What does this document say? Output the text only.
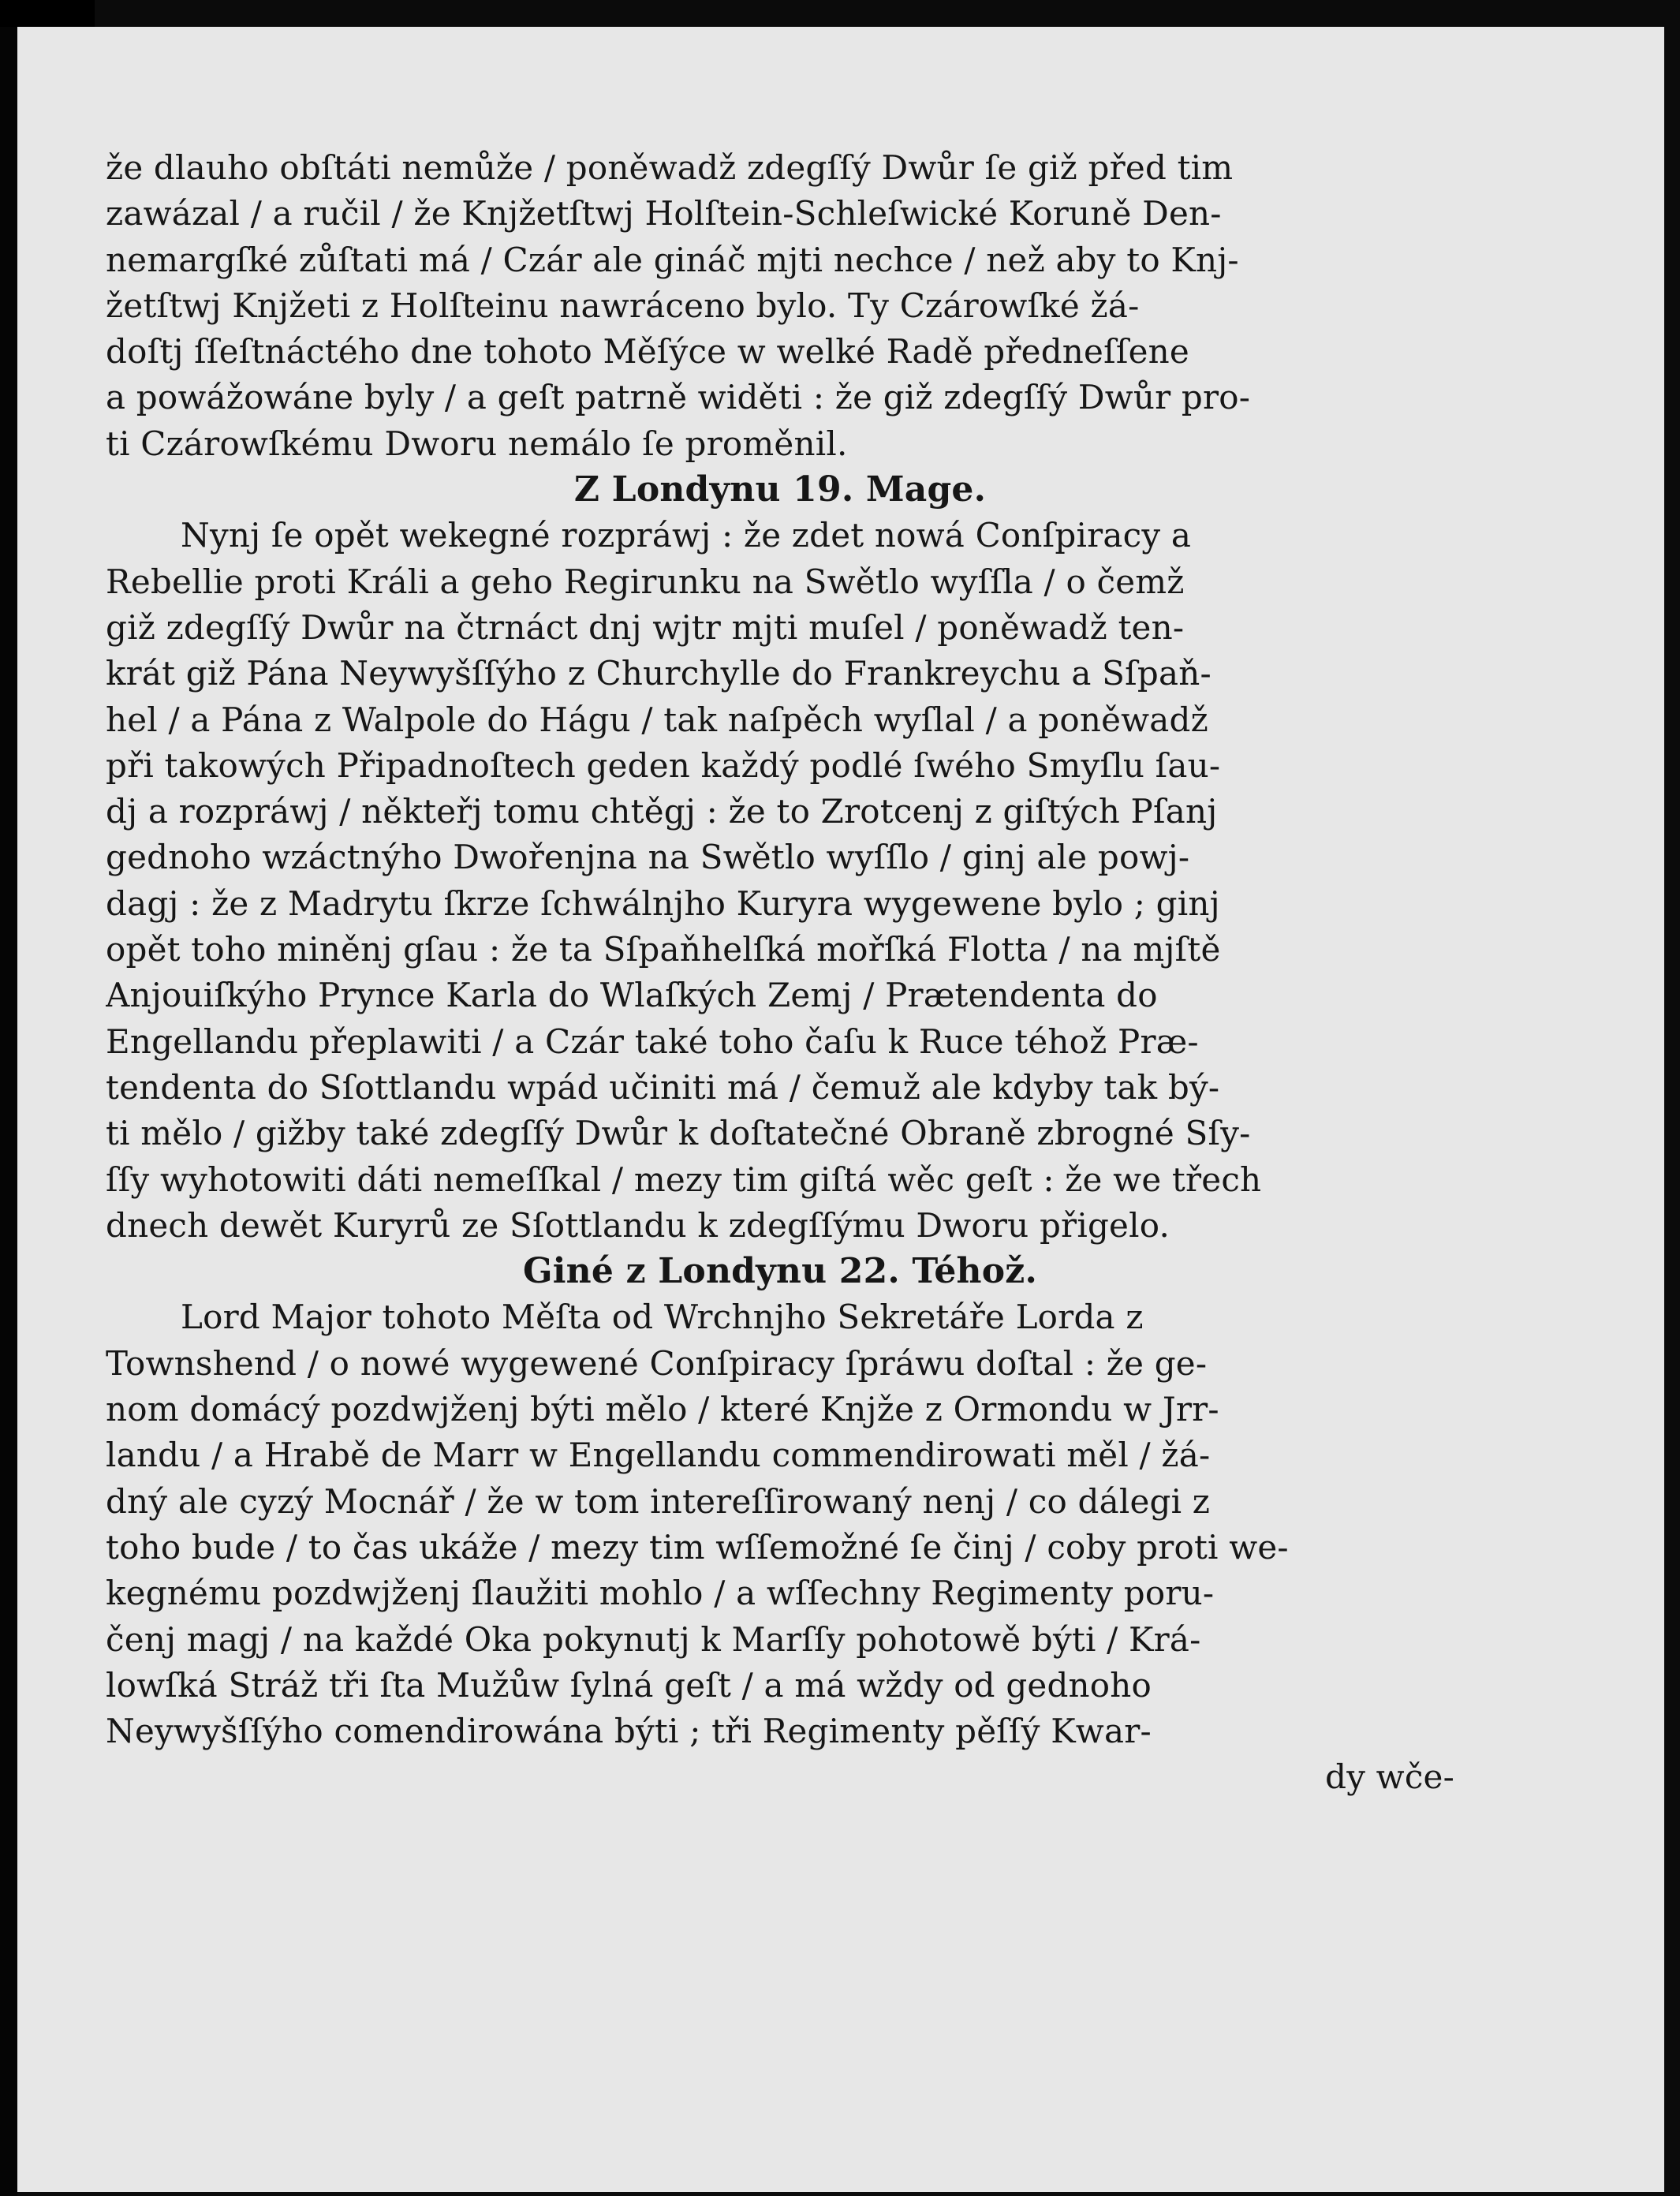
že dlauho obſtáti nemůže / poněwadž zdegſſý Dwůr ſe giž před tim
zawázal / a ručil / že Knjžetſtwj Holſtein-Schleſwické Koruně Den-
nemargſké zůſtati má / Czár ale gináč mjti nechce / než aby to Knj-
žetſtwj Knjžeti z Holſteinu nawráceno bylo. Ty Czárowſké žá-
doſtj ſſeſtnáctého dne tohoto Měſýce w welké Radě předneſſene
a powážowáne byly / a geſt patrně widěti : že giž zdegſſý Dwůr pro-
ti Czárowſkému Dworu nemálo ſe proměnil.
Z Londynu 19. Mage.
Nynj ſe opět wekegné rozpráwj : že zdet nowá Conſpiracy a
Rebellie proti Králi a geho Regirunku na Swětlo wyſſla / o čemž
giž zdegſſý Dwůr na čtrnáct dnj wjtr mjti muſel / poněwadž ten-
krát giž Pána Neywyšſſýho z Churchylle do Frankreychu a Sſpaň-
hel / a Pána z Walpole do Hágu / tak naſpěch wyſlal / a poněwadž
při takowých Připadnoſtech geden každý podlé ſwého Smyſlu ſau-
dj a rozpráwj / někteřj tomu chtěgj : že to Zrotcenj z giſtých Pſanj
gednoho wzáctnýho Dwořenjna na Swětlo wyſſlo / ginj ale powj-
dagj : že z Madrytu ſkrze ſchwálnjho Kuryra wygewene bylo ; ginj
opět toho miněnj gſau : že ta Sſpaňhelſká mořſká Flotta / na mjſtě
Anjouiſkýho Prynce Karla do Wlaſkých Zemj / Prætendenta do
Engellandu přeplawiti / a Czár také toho čaſu k Ruce téhož Præ-
tendenta do Sſottlandu wpád učiniti má / čemuž ale kdyby tak bý-
ti mělo / gižby také zdegſſý Dwůr k doſtatečné Obraně zbrogné Sſy-
ſſy wyhotowiti dáti nemeſſkal / mezy tim giſtá wěc geſt : že we třech
dnech dewět Kuryrů ze Sſottlandu k zdegſſýmu Dworu přigelo.
Giné z Londynu 22. Téhož.
Lord Major tohoto Měſta od Wrchnjho Sekretáře Lorda z
Townshend / o nowé wygewené Conſpiracy ſpráwu doſtal : že ge-
nom domácý pozdwjženj býti mělo / které Knjže z Ormondu w Jrr-
landu / a Hrabě de Marr w Engellandu commendirowati měl / žá-
dný ale cyzý Mocnář / že w tom intereſſirowaný nenj / co dálegi z
toho bude / to čas ukáže / mezy tim wſſemožné ſe činj / coby proti we-
kegnému pozdwjženj ſlaužiti mohlo / a wſſechny Regimenty poru-
čenj magj / na každé Oka pokynutj k Marſſy pohotowě býti / Krá-
lowſká Stráž tři ſta Mužůw ſylná geſt / a má wždy od gednoho
Neywyšſſýho comendirowána býti ; tři Regimenty pěſſý Kwar-
dy wče-
